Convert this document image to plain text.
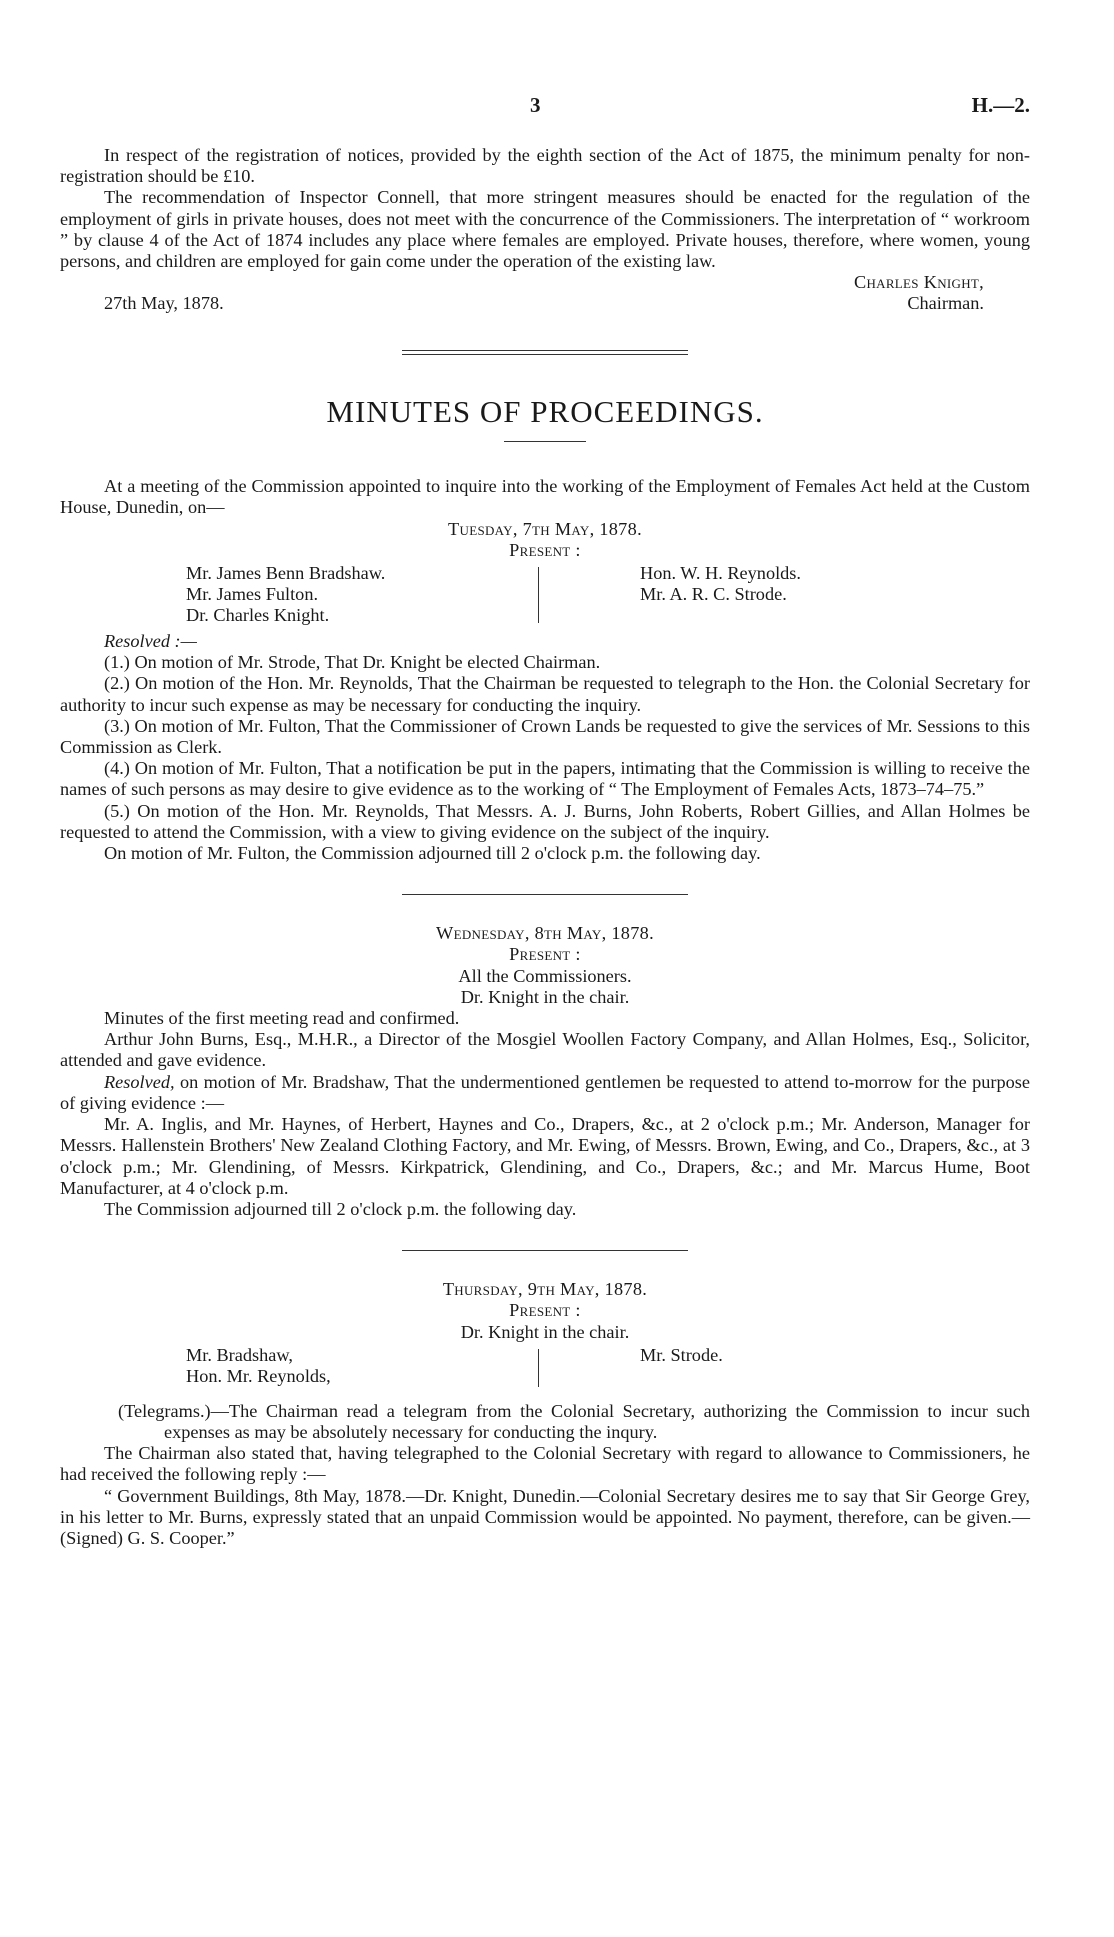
3	H.—2.

In respect of the registration of notices, provided by the eighth section of the Act of 1875, the minimum penalty for non-registration should be £10.

The recommendation of Inspector Connell, that more stringent measures should be enacted for the regulation of the employment of girls in private houses, does not meet with the concurrence of the Commissioners. The interpretation of “ workroom ” by clause 4 of the Act of 1874 includes any place where females are employed. Private houses, therefore, where women, young persons, and children are employed for gain come under the operation of the existing law.

Charles Knight,
27th May, 1878.	Chairman.
MINUTES OF PROCEEDINGS.

At a meeting of the Commission appointed to inquire into the working of the Employment of Females Act held at the Custom House, Dunedin, on—

Tuesday, 7th May, 1878.

Present :

Mr. James Benn Bradshaw.
Mr. James Fulton.
Dr. Charles Knight.
Hon. W. H. Reynolds.
Mr. A. R. C. Strode.

Resolved :—

(1.) On motion of Mr. Strode, That Dr. Knight be elected Chairman.

(2.) On motion of the Hon. Mr. Reynolds, That the Chairman be requested to telegraph to the Hon. the Colonial Secretary for authority to incur such expense as may be necessary for conducting the inquiry.

(3.) On motion of Mr. Fulton, That the Commissioner of Crown Lands be requested to give the services of Mr. Sessions to this Commission as Clerk.

(4.) On motion of Mr. Fulton, That a notification be put in the papers, intimating that the Commission is willing to receive the names of such persons as may desire to give evidence as to the working of “ The Employment of Females Acts, 1873–74–75.”

(5.) On motion of the Hon. Mr. Reynolds, That Messrs. A. J. Burns, John Roberts, Robert Gillies, and Allan Holmes be requested to attend the Commission, with a view to giving evidence on the subject of the inquiry.

On motion of Mr. Fulton, the Commission adjourned till 2 o'clock p.m. the following day.

Wednesday, 8th May, 1878.

Present :

All the Commissioners.

Dr. Knight in the chair.

Minutes of the first meeting read and confirmed.

Arthur John Burns, Esq., M.H.R., a Director of the Mosgiel Woollen Factory Company, and Allan Holmes, Esq., Solicitor, attended and gave evidence.

Resolved, on motion of Mr. Bradshaw, That the undermentioned gentlemen be requested to attend to-morrow for the purpose of giving evidence :—

Mr. A. Inglis, and Mr. Haynes, of Herbert, Haynes and Co., Drapers, &c., at 2 o'clock p.m.; Mr. Anderson, Manager for Messrs. Hallenstein Brothers' New Zealand Clothing Factory, and Mr. Ewing, of Messrs. Brown, Ewing, and Co., Drapers, &c., at 3 o'clock p.m.; Mr. Glendining, of Messrs. Kirkpatrick, Glendining, and Co., Drapers, &c.; and Mr. Marcus Hume, Boot Manufacturer, at 4 o'clock p.m.

The Commission adjourned till 2 o'clock p.m. the following day.

Thursday, 9th May, 1878.

Present :

Dr. Knight in the chair.

Mr. Bradshaw,
Hon. Mr. Reynolds,
Mr. Strode.

(Telegrams.)—The Chairman read a telegram from the Colonial Secretary, authorizing the Commission to incur such expenses as may be absolutely necessary for conducting the inqury.

The Chairman also stated that, having telegraphed to the Colonial Secretary with regard to allowance to Commissioners, he had received the following reply :—

“ Government Buildings, 8th May, 1878.—Dr. Knight, Dunedin.—Colonial Secretary desires me to say that Sir George Grey, in his letter to Mr. Burns, expressly stated that an unpaid Commission would be appointed. No payment, therefore, can be given.—(Signed) G. S. Cooper.”
